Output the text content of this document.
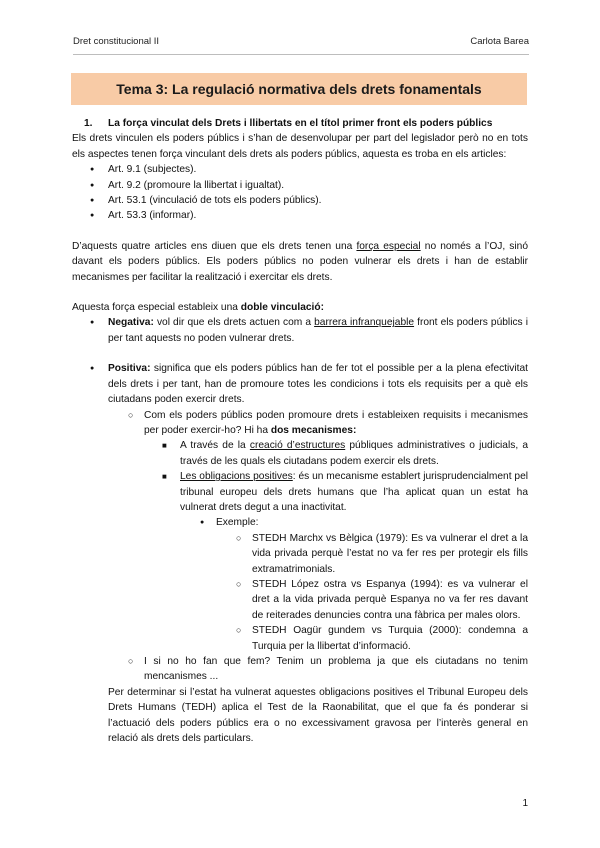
Dret constitucional II	Carlota Barea
Tema 3: La regulació normativa dels drets fonamentals

1. La força vinculat dels Drets i llibertats en el títol primer front els poders públics

Els drets vinculen els poders públics i s’han de desenvolupar per part del legislador però no en tots els aspectes tenen força vinculant dels drets als poders públics, aquesta es troba en els articles:

● Art. 9.1 (subjectes).
● Art. 9.2 (promoure la llibertat i igualtat).
● Art. 53.1 (vinculació de tots els poders públics).
● Art. 53.3 (informar).

D’aquests quatre articles ens diuen que els drets tenen una força especial no només a l’OJ, sinó davant els poders públics. Els poders públics no poden vulnerar els drets i han de establir mecanismes per facilitar la realització i exercitar els drets.

Aquesta força especial estableix una doble vinculació:

● Negativa: vol dir que els drets actuen com a barrera infranquejable front els poders públics i per tant aquests no poden vulnerar drets.
● Positiva: significa que els poders públics han de fer tot el possible per a la plena efectivitat dels drets i per tant, han de promoure totes les condicions i tots els requisits per a què els ciutadans poden exercir drets.
○ Com els poders públics poden promoure drets i estableixen requisits i mecanismes per poder exercir-ho? Hi ha dos mecanismes:
■ A través de la creació d’estructures públiques administratives o judicials, a través de les quals els ciutadans podem exercir els drets.
■ Les obligacions positives: és un mecanisme establert jurisprudencialment pel tribunal europeu dels drets humans que l’ha aplicat quan un estat ha vulnerat drets degut a una inactivitat.
● Exemple:
○ STEDH Marchx vs Bèlgica (1979): Es va vulnerar el dret a la vida privada perquè l’estat no va fer res per protegir els fills extramatrimonials.
○ STEDH López ostra vs Espanya (1994): es va vulnerar el dret a la vida privada perquè Espanya no va fer res davant de reiterades denuncies contra una fàbrica per males olors.
○ STEDH Oagür gundem vs Turquia (2000): condemna a Turquia per la llibertat d’informació.
○ I si no ho fan que fem? Tenim un problema ja que els ciutadans no tenim mencanismes ...

Per determinar si l’estat ha vulnerat aquestes obligacions positives el Tribunal Europeu dels Drets Humans (TEDH) aplica el Test de la Raonabilitat, que el que fa és ponderar si l’actuació dels poders públics era o no excessivament gravosa per l’interès general en relació als drets dels particulars.

1
